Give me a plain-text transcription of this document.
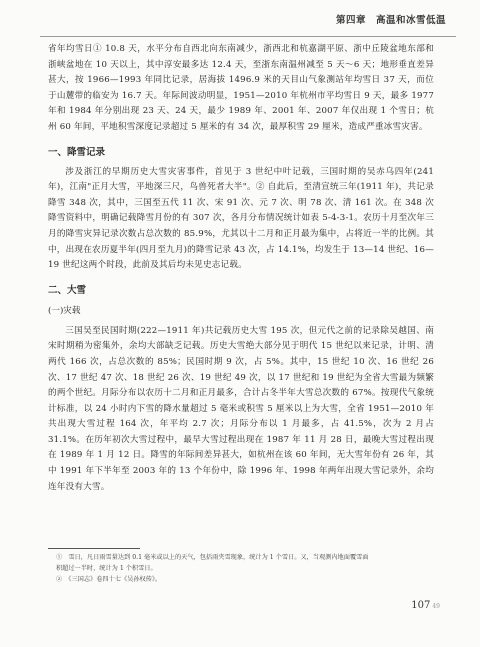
第四章　高温和冰雪低温

省年均雪日① 10.8 天，水平分布自西北向东南减少，浙西北和杭嘉湖平原、浙中丘陵盆地东部和浙峡盆地在 10 天以上，其中淳安最多达 12.4 天，至浙东南温州减至 5 天～6 天；地形垂直差异甚大，按 1966—1993 年同比记录，居海拔 1496.9 米的天目山气象测站年均雪日 37 天，而位于山麓带的临安为 16.7 天。年际间波动明显，1951—2010 年杭州市平均雪日 9 天，最多 1977 年和 1984 年分别出现 23 天、24 天，最少 1989 年、2001 年、2007 年仅出现 1 个雪日；杭州 60 年间，平地积雪深度记录超过 5 厘米的有 34 次，最厚积雪 29 厘米，造成严重冰雪灾害。

一、降雪记录

涉及浙江的早期历史大雪灾害事件，首见于 3 世纪中叶记载，三国时期的吴赤乌四年(241 年)，江南"正月大雪，平地深三尺，鸟兽死者大半"。② 自此后，至清宣统三年(1911 年)，共记录降雪 348 次，其中，三国至五代 11 次、宋 91 次、元 7 次、明 78 次、清 161 次。在 348 次降雪资料中，明确记载降雪月份的有 307 次，各月分布情况统计如表 5-4-3-1。农历十月至次年三月的降雪灾异记录次数占总次数的 85.9%，尤其以十二月和正月最为集中，占将近一半的比例。其中，出现在农历夏半年(四月至九月)的降雪记录 43 次，占 14.1%，均发生于 13—14 世纪、16—19 世纪这两个时段，此前及其后均未见史志记载。

二、大雪

(一)灾载

三国吴至民国时期(222—1911 年)共记载历史大雪 195 次，但元代之前的记录除吴越国、南宋时期稍为密集外，余均大部缺乏记载。历史大雪绝大部分见于明代 15 世纪以来记录，计明、清两代 166 次，占总次数的 85%；民国时期 9 次，占 5%。其中，15 世纪 10 次、16 世纪 26 次、17 世纪 47 次、18 世纪 26 次、19 世纪 49 次，以 17 世纪和 19 世纪为全省大雪最为频繁的两个世纪。月际分布以农历十二月和正月最多，合计占冬半年大雪总次数的 67%。按现代气象统计标准，以 24 小时内下雪的降水量超过 5 毫米或积雪 5 厘米以上为大雪，全省 1951—2010 年共出现大雪过程 164 次，年平均 2.7 次；月际分布以 1 月最多，占 41.5%，次为 2 月占 31.1%。在历年初次大雪过程中，最早大雪过程出现在 1987 年 11 月 28 日，最晚大雪过程出现在 1989 年 1 月 12 日。降雪的年际间差异甚大，如杭州在该 60 年间，无大雪年份有 26 年，其中 1991 年下半年至 2003 年的 13 个年份中，除 1996 年、1998 年两年出现大雪记录外，余均连年没有大雪。

①　雪日，凡日雨雪量达到 0.1 毫米或以上的天气，包括雨夹雪现象，统计为 1 个雪日。又，当观测内地面覆雪面

积超过一半时，统计为 1 个积雪日。

②　《三国志》卷四十七《吴孙权传》。

107 49
